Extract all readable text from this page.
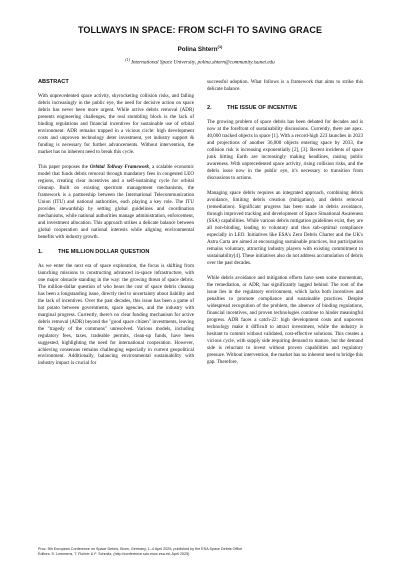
TOLLWAYS IN SPACE: FROM SCI-FI TO SAVING GRACE
Polina Shtern$^{(1)}$
$^{(1)}$ International Space University, polina.shtern@community.isunet.edu
ABSTRACT

With unprecedented space activity, skyrocketing collision risks, and falling debris increasingly in the public eye, the need for decisive action on space debris has never been more urgent. While active debris removal (ADR) presents engineering challenges, the real stumbling block is the lack of binding regulations and financial incentives for sustainable use of orbital environment. ADR remains trapped in a vicious circle: high development costs and unproven technology deter investment, yet industry support & funding is necessary for further advancements. Without intervention, the market has no inherent need to break this cycle.

This paper proposes the Orbital Tollway Framework, a scalable economic model that funds debris removal through mandatory fees in congested LEO regions, creating clear incentives and a self-sustaining cycle for orbital cleanup. Built on existing spectrum management mechanisms, the framework is a partnership between the International Telecommunication Union (ITU) and national authorities, each playing a key role. The ITU provides stewardship by setting global guidelines and coordination mechanisms, while national authorities manage administration, enforcement, and investment allocation. This approach strikes a delicate balance between global cooperation and national interests while aligning environmental benefits with industry growth.

1.	THE MILLION DOLLAR QUESTION

As we enter the next era of space exploration, the focus is shifting from launching missions to constructing advanced in-space infrastructure, with one major obstacle standing in the way: the growing threat of space debris. The million-dollar question of who bears the cost of space debris cleanup has been a longstanding issue, directly tied to uncertainty about liability and the lack of incentives. Over the past decades, this issue has been a game of hot potato between governments, space agencies, and the industry with marginal progress. Currently, there's no clear funding mechanism for active debris removal (ADR) beyond the "good space citizen" investments, leaving the "tragedy of the commons" unresolved. Various models, including regulatory fees, taxes, tradeable permits, clean-up funds, have been suggested, highlighting the need for international cooperation. However, achieving consensus remains challenging especially in current geopolitical environment. Additionally, balancing environmental sustainability with industry impact is crucial for

successful adoption. What follows is a framework that aims to strike this delicate balance.

2.	THE ISSUE OF INCENTIVE

The growing problem of space debris has been debated for decades and is now at the forefront of sustainability discussions. Currently, there are apex. 40,000 tracked objects in space [1]. With a record-high 223 launches in 2023 and projections of another 36,000 objects entering space by 2033, the collision risk is increasing exponentially [2], [3]. Recent incidents of space junk hitting Earth are increasingly making headlines, raising public awareness. With unprecedented space activity, rising collision risks, and the debris issue now in the public eye, it's necessary to transition from discussions to actions.

Managing space debris requires an integrated approach, combining debris avoidance, limiting debris creation (mitigation), and debris removal (remediation). Significant progress has been made in debris avoidance, through improved tracking and development of Space Situational Awareness (SSA) capabilities. While various debris mitigation guidelines exist, they are all non-binding, leading to voluntary and thus sub-optimal compliance especially in LEO. Initiatives like ESA's Zero Debris Charter and the UK's Astra Carta are aimed at encouraging sustainable practices, but participation remains voluntary, attracting industry players with existing commitment to sustainability[4]. These initiatives also do not address accumulation of debris over the past decades.

While debris avoidance and mitigation efforts have seen some momentum, the remediation, or ADR, has significantly lagged behind. The root of the issue lies in the regulatory environment, which lacks both incentives and penalties to promote compliance and sustainable practices. Despite widespread recognition of the problem, the absence of binding regulations, financial incentives, and proven technologies continue to hinder meaningful progress. ADR faces a catch-22: high development costs and unproven technology make it difficult to attract investment, while the industry is hesitant to commit without validated, cost-effective solutions. This creates a vicious cycle, with supply side requiring demand to mature, but the demand side is reluctant to invest without proven capabilities and regulatory pressure. Without intervention, the market has no inherent need to bridge this gap. Therefore,

Proc. 9th European Conference on Space Debris, Bonn, Germany, 1–4 April 2025, published by the ESA Space Debris Office
Editors: S. Lemmens, T. Flohrer & F. Schmitz, (http://conference.sdo.esoc.esa.int, April 2025)
